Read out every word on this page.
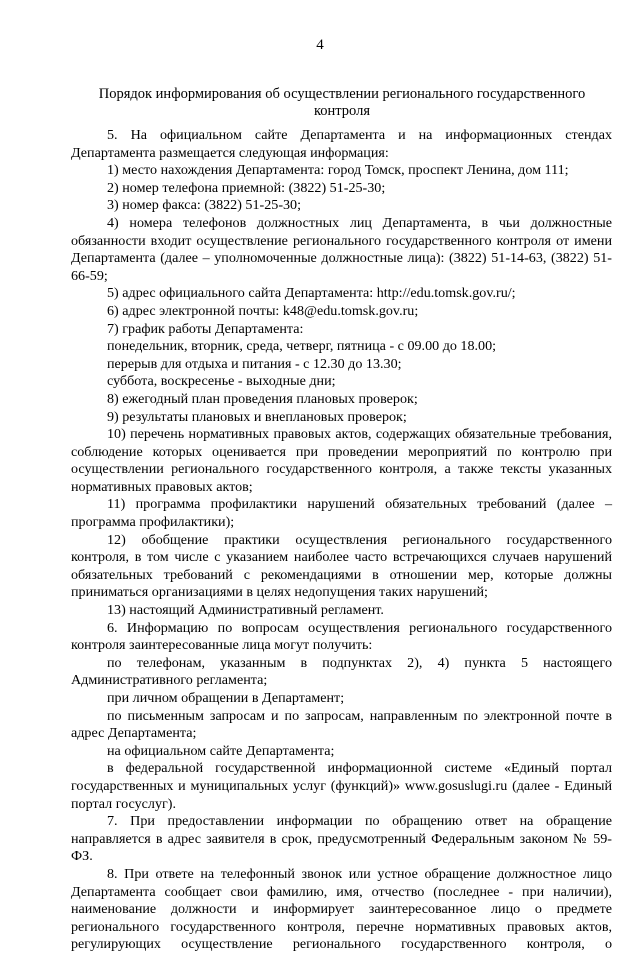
4
Порядок информирования об осуществлении регионального государственного контроля

5. На официальном сайте Департамента и на информационных стендах Департамента размещается следующая информация:

1) место нахождения Департамента: город Томск, проспект Ленина, дом 111;

2) номер телефона приемной: (3822) 51-25-30;

3) номер факса: (3822) 51-25-30;

4) номера телефонов должностных лиц Департамента, в чьи должностные обязанности входит осуществление регионального государственного контроля от имени Департамента (далее – уполномоченные должностные лица): (3822) 51-14-63, (3822) 51-66-59;

5) адрес официального сайта Департамента: http://edu.tomsk.gov.ru/;

6) адрес электронной почты: k48@edu.tomsk.gov.ru;

7) график работы Департамента:

понедельник, вторник, среда, четверг, пятница - с 09.00 до 18.00;

перерыв для отдыха и питания - с 12.30 до 13.30;

суббота, воскресенье - выходные дни;

8) ежегодный план проведения плановых проверок;

9) результаты плановых и внеплановых проверок;

10) перечень нормативных правовых актов, содержащих обязательные требования, соблюдение которых оценивается при проведении мероприятий по контролю при осуществлении регионального государственного контроля, а также тексты указанных нормативных правовых актов;

11) программа профилактики нарушений обязательных требований (далее – программа профилактики);

12) обобщение практики осуществления регионального государственного контроля, в том числе с указанием наиболее часто встречающихся случаев нарушений обязательных требований с рекомендациями в отношении мер, которые должны приниматься организациями в целях недопущения таких нарушений;

13) настоящий Административный регламент.

6. Информацию по вопросам осуществления регионального государственного контроля заинтересованные лица могут получить:

по телефонам, указанным в подпунктах 2), 4) пункта 5 настоящего Административного регламента;

при личном обращении в Департамент;

по письменным запросам и по запросам, направленным по электронной почте в адрес Департамента;

на официальном сайте Департамента;

в федеральной государственной информационной системе «Единый портал государственных и муниципальных услуг (функций)» www.gosuslugi.ru (далее - Единый портал госуслуг).

7. При предоставлении информации по обращению ответ на обращение направляется в адрес заявителя в срок, предусмотренный Федеральным законом № 59-ФЗ.

8. При ответе на телефонный звонок или устное обращение должностное лицо Департамента сообщает свои фамилию, имя, отчество (последнее - при наличии), наименование должности и информирует заинтересованное лицо о предмете регионального государственного контроля, перечне нормативных правовых актов, регулирующих осуществление регионального государственного контроля, о
